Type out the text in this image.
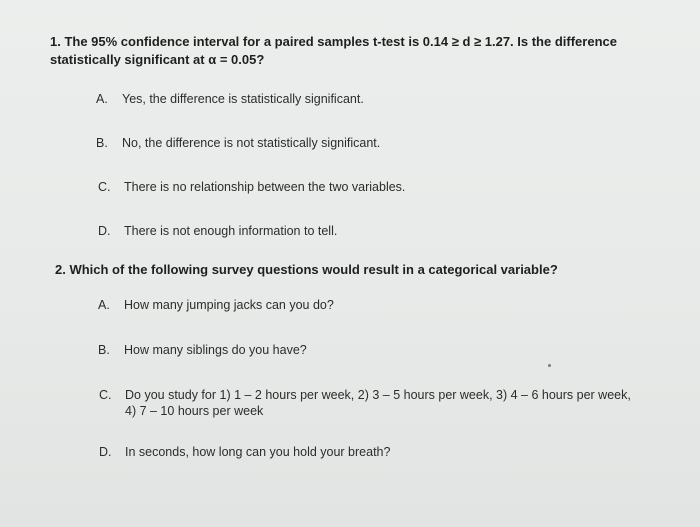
1. The 95% confidence interval for a paired samples t-test is 0.14 ≥ d ≥ 1.27. Is the difference
statistically significant at α = 0.05?
A.	Yes, the difference is statistically significant.
B.	No, the difference is not statistically significant.
C.	There is no relationship between the two variables.
D.	There is not enough information to tell.
2. Which of the following survey questions would result in a categorical variable?
A.	How many jumping jacks can you do?
B.	How many siblings do you have?
C.	Do you study for 1) 1 – 2 hours per week, 2) 3 – 5 hours per week, 3) 4 – 6 hours per week,
4) 7 – 10 hours per week
D.	In seconds, how long can you hold your breath?
